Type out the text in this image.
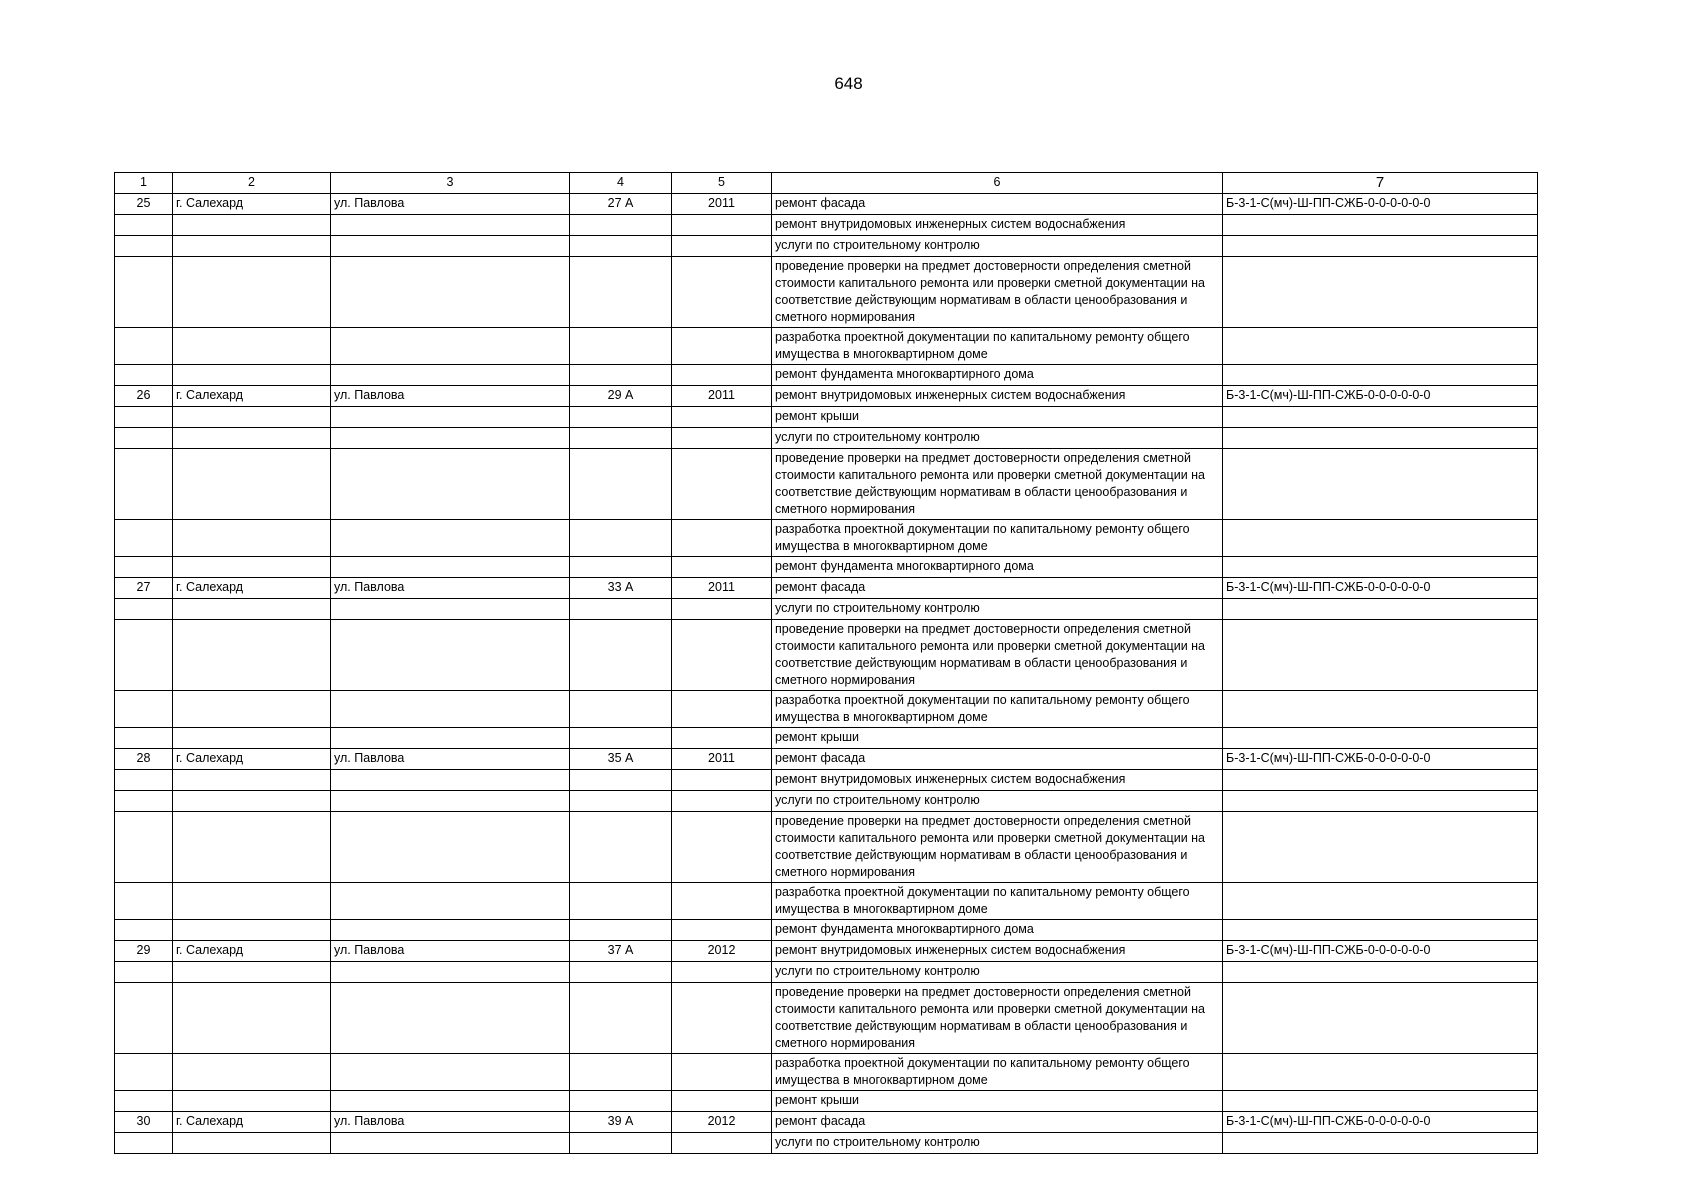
648
1	2	3	4	5	6	7
25	г. Салехард	ул. Павлова	27 А	2011	ремонт фасада	Б-3-1-С(мч)-Ш-ПП-СЖБ-0-0-0-0-0-0
					ремонт внутридомовых инженерных систем водоснабжения	
					услуги по строительному контролю	
					проведение проверки на предмет достоверности определения сметной стоимости капитального ремонта или проверки сметной документации на соответствие действующим нормативам в области ценообразования и сметного нормирования	
					разработка проектной документации по капитальному ремонту общего имущества в многоквартирном доме	
					ремонт фундамента многоквартирного дома	
26	г. Салехард	ул. Павлова	29 А	2011	ремонт внутридомовых инженерных систем водоснабжения	Б-3-1-С(мч)-Ш-ПП-СЖБ-0-0-0-0-0-0
					ремонт крыши	
					услуги по строительному контролю	
					проведение проверки на предмет достоверности определения сметной стоимости капитального ремонта или проверки сметной документации на соответствие действующим нормативам в области ценообразования и сметного нормирования	
					разработка проектной документации по капитальному ремонту общего имущества в многоквартирном доме	
					ремонт фундамента многоквартирного дома	
27	г. Салехард	ул. Павлова	33 А	2011	ремонт фасада	Б-3-1-С(мч)-Ш-ПП-СЖБ-0-0-0-0-0-0
					услуги по строительному контролю	
					проведение проверки на предмет достоверности определения сметной стоимости капитального ремонта или проверки сметной документации на соответствие действующим нормативам в области ценообразования и сметного нормирования	
					разработка проектной документации по капитальному ремонту общего имущества в многоквартирном доме	
					ремонт крыши	
28	г. Салехард	ул. Павлова	35 А	2011	ремонт фасада	Б-3-1-С(мч)-Ш-ПП-СЖБ-0-0-0-0-0-0
					ремонт внутридомовых инженерных систем водоснабжения	
					услуги по строительному контролю	
					проведение проверки на предмет достоверности определения сметной стоимости капитального ремонта или проверки сметной документации на соответствие действующим нормативам в области ценообразования и сметного нормирования	
					разработка проектной документации по капитальному ремонту общего имущества в многоквартирном доме	
					ремонт фундамента многоквартирного дома	
29	г. Салехард	ул. Павлова	37 А	2012	ремонт внутридомовых инженерных систем водоснабжения	Б-3-1-С(мч)-Ш-ПП-СЖБ-0-0-0-0-0-0
					услуги по строительному контролю	
					проведение проверки на предмет достоверности определения сметной стоимости капитального ремонта или проверки сметной документации на соответствие действующим нормативам в области ценообразования и сметного нормирования	
					разработка проектной документации по капитальному ремонту общего имущества в многоквартирном доме	
					ремонт крыши	
30	г. Салехард	ул. Павлова	39 А	2012	ремонт фасада	Б-3-1-С(мч)-Ш-ПП-СЖБ-0-0-0-0-0-0
					услуги по строительному контролю	
